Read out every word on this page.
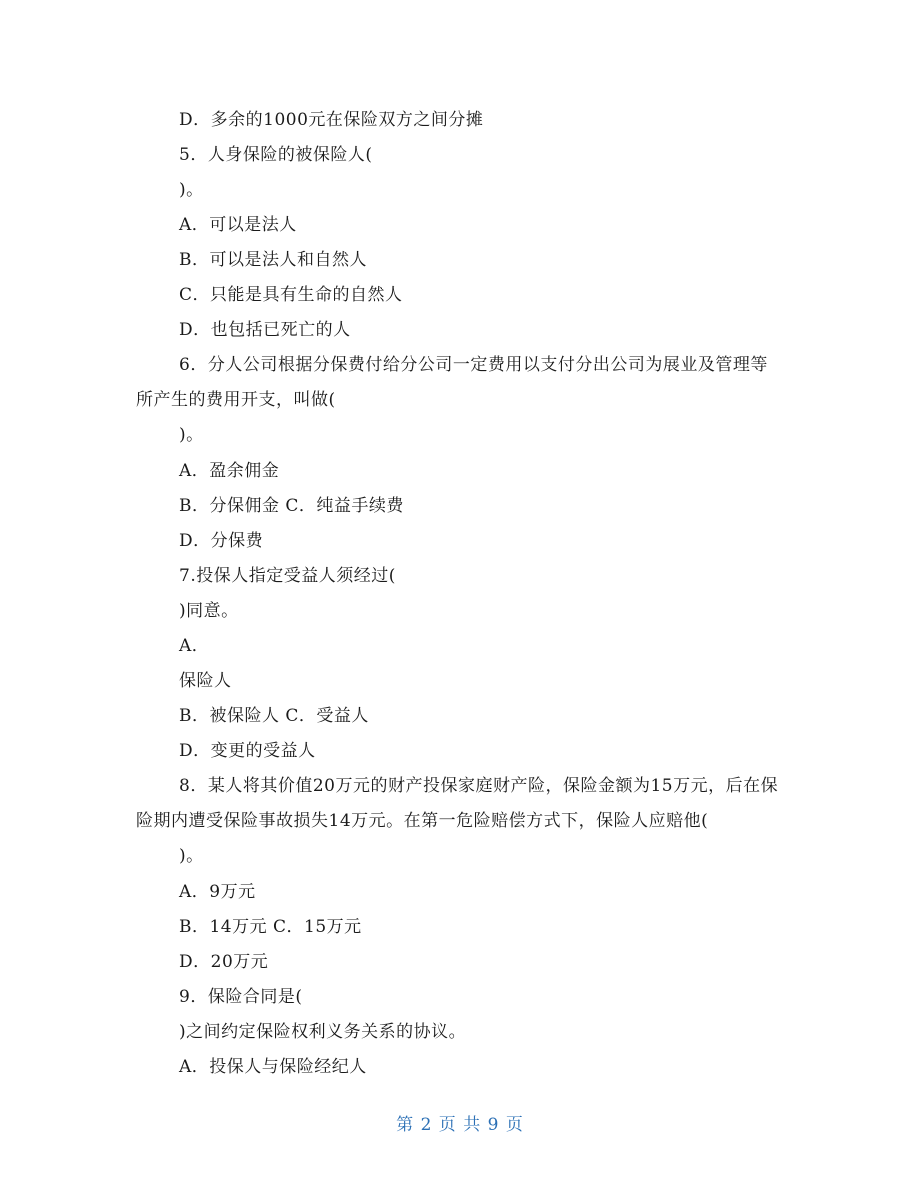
D．多余的1000元在保险双方之间分摊
5．人身保险的被保险人(
)。
A．可以是法人
B．可以是法人和自然人
C．只能是具有生命的自然人
D．也包括已死亡的人
6．分人公司根据分保费付给分公司一定费用以支付分出公司为展业及管理等
所产生的费用开支，叫做(
)。
A．盈余佣金
B．分保佣金 C．纯益手续费
D．分保费
7.投保人指定受益人须经过(
)同意。
A．
保险人
B．被保险人 C．受益人
D．变更的受益人
8．某人将其价值20万元的财产投保家庭财产险，保险金额为15万元，后在保
险期内遭受保险事故损失14万元。在第一危险赔偿方式下，保险人应赔他(
)。
A．9万元
B．14万元 C．15万元
D．20万元
9．保险合同是(
)之间约定保险权利义务关系的协议。
A．投保人与保险经纪人
第 2 页 共 9 页
